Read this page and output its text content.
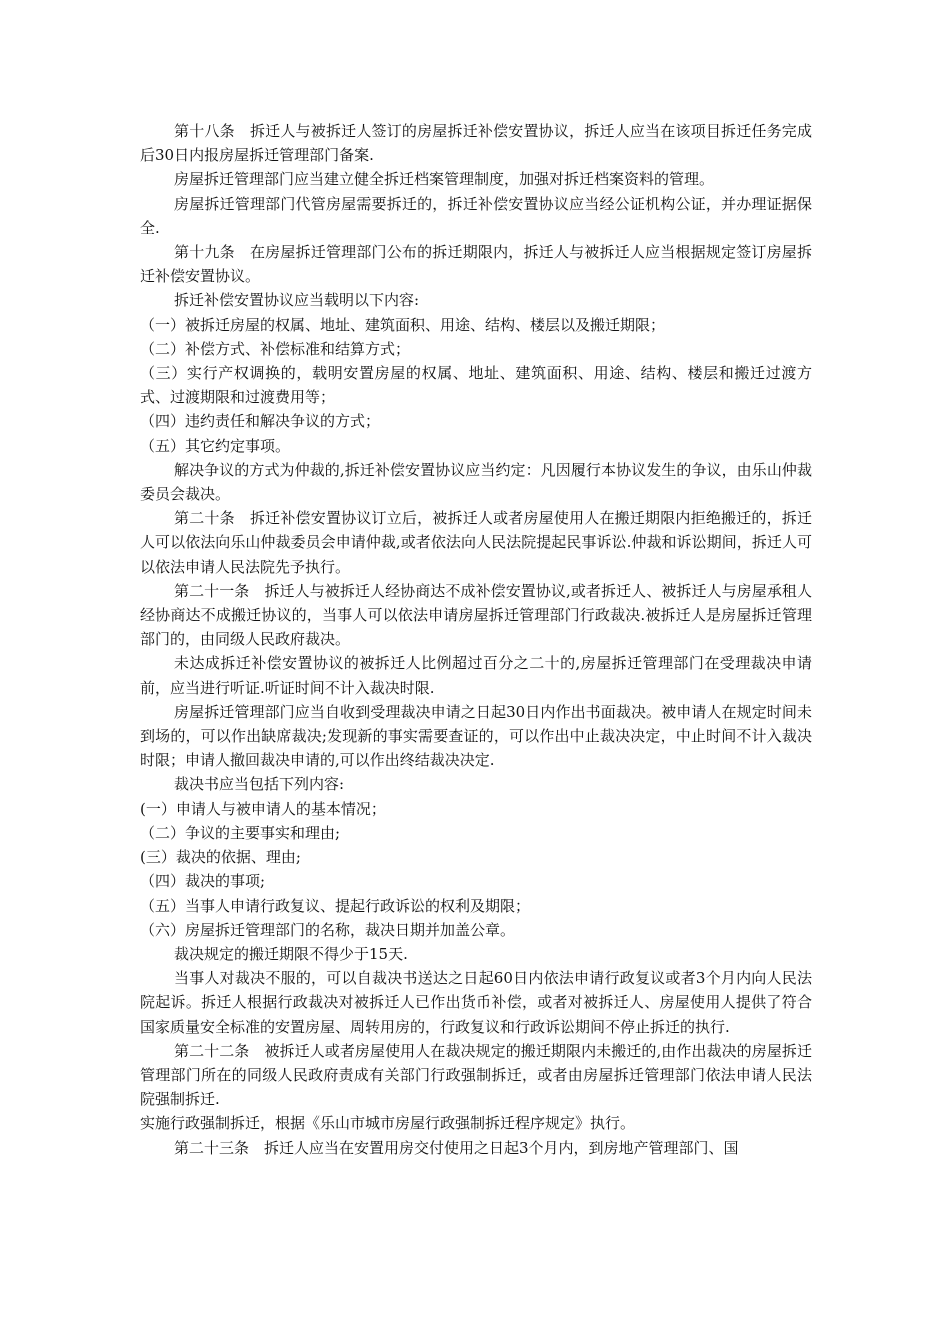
第十八条　拆迁人与被拆迁人签订的房屋拆迁补偿安置协议，拆迁人应当在该项目拆迁任务完成后30日内报房屋拆迁管理部门备案.

房屋拆迁管理部门应当建立健全拆迁档案管理制度，加强对拆迁档案资料的管理。

房屋拆迁管理部门代管房屋需要拆迁的，拆迁补偿安置协议应当经公证机构公证，并办理证据保全.

第十九条　在房屋拆迁管理部门公布的拆迁期限内，拆迁人与被拆迁人应当根据规定签订房屋拆迁补偿安置协议。

拆迁补偿安置协议应当载明以下内容:

（一）被拆迁房屋的权属、地址、建筑面积、用途、结构、楼层以及搬迁期限；

（二）补偿方式、补偿标准和结算方式；

（三）实行产权调换的，载明安置房屋的权属、地址、建筑面积、用途、结构、楼层和搬迁过渡方式、过渡期限和过渡费用等；

（四）违约责任和解决争议的方式；

（五）其它约定事项。

解决争议的方式为仲裁的,拆迁补偿安置协议应当约定：凡因履行本协议发生的争议，由乐山仲裁委员会裁决。

第二十条　拆迁补偿安置协议订立后，被拆迁人或者房屋使用人在搬迁期限内拒绝搬迁的，拆迁人可以依法向乐山仲裁委员会申请仲裁,或者依法向人民法院提起民事诉讼.仲裁和诉讼期间，拆迁人可以依法申请人民法院先予执行。

第二十一条　拆迁人与被拆迁人经协商达不成补偿安置协议,或者拆迁人、被拆迁人与房屋承租人经协商达不成搬迁协议的，当事人可以依法申请房屋拆迁管理部门行政裁决.被拆迁人是房屋拆迁管理部门的，由同级人民政府裁决。

未达成拆迁补偿安置协议的被拆迁人比例超过百分之二十的,房屋拆迁管理部门在受理裁决申请前，应当进行听证.听证时间不计入裁决时限.

房屋拆迁管理部门应当自收到受理裁决申请之日起30日内作出书面裁决。被申请人在规定时间未到场的，可以作出缺席裁决;发现新的事实需要查证的，可以作出中止裁决决定，中止时间不计入裁决时限；申请人撤回裁决申请的,可以作出终结裁决决定.

裁决书应当包括下列内容:

(一）申请人与被申请人的基本情况；

（二）争议的主要事实和理由;

(三）裁决的依据、理由;

（四）裁决的事项;

（五）当事人申请行政复议、提起行政诉讼的权利及期限；

（六）房屋拆迁管理部门的名称，裁决日期并加盖公章。

裁决规定的搬迁期限不得少于15天.

当事人对裁决不服的，可以自裁决书送达之日起60日内依法申请行政复议或者3个月内向人民法院起诉。拆迁人根据行政裁决对被拆迁人已作出货币补偿，或者对被拆迁人、房屋使用人提供了符合国家质量安全标准的安置房屋、周转用房的，行政复议和行政诉讼期间不停止拆迁的执行.

第二十二条　被拆迁人或者房屋使用人在裁决规定的搬迁期限内未搬迁的,由作出裁决的房屋拆迁管理部门所在的同级人民政府责成有关部门行政强制拆迁，或者由房屋拆迁管理部门依法申请人民法院强制拆迁.

实施行政强制拆迁，根据《乐山市城市房屋行政强制拆迁程序规定》执行。

第二十三条　拆迁人应当在安置用房交付使用之日起3个月内，到房地产管理部门、国
